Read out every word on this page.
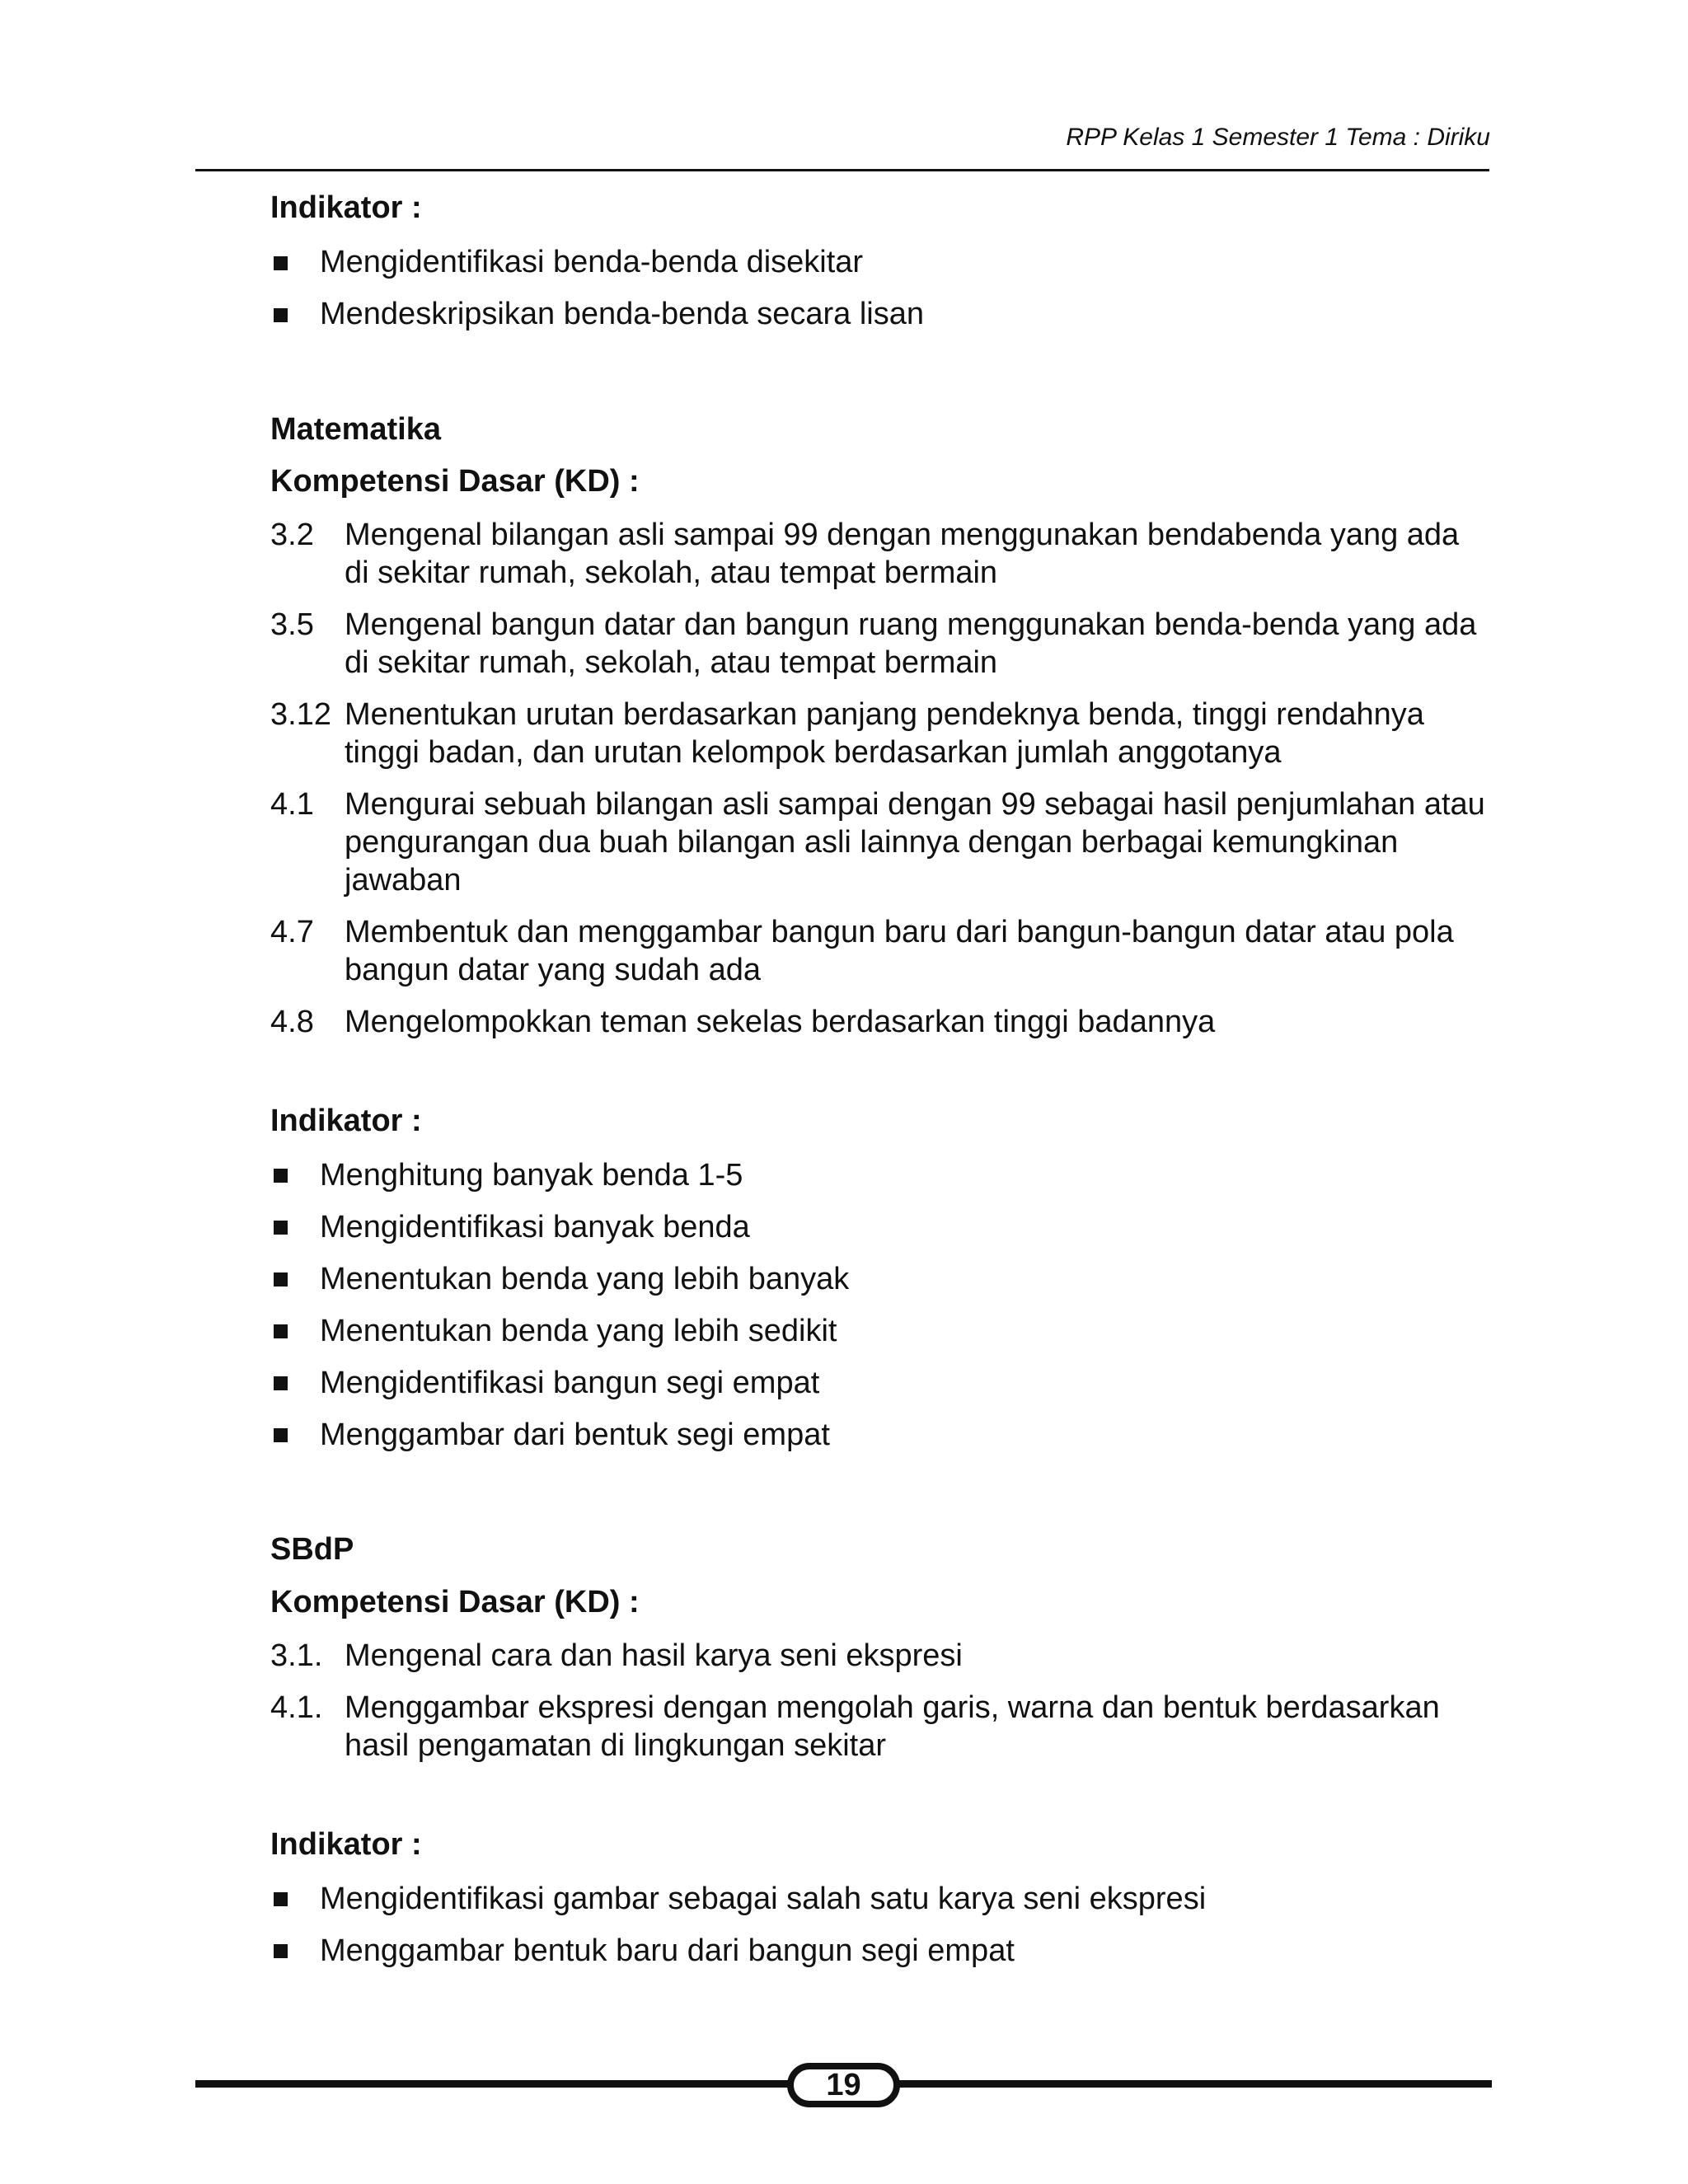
RPP Kelas 1 Semester 1 Tema : Diriku
Indikator :
Mengidentifikasi benda-benda disekitar
Mendeskripsikan benda-benda secara lisan
Matematika
Kompetensi Dasar (KD) :
3.2 Mengenal bilangan asli sampai 99 dengan menggunakan bendabenda yang ada di sekitar rumah, sekolah, atau tempat bermain
3.5 Mengenal bangun datar dan bangun ruang menggunakan benda-benda yang ada di sekitar rumah, sekolah, atau tempat bermain
3.12 Menentukan urutan berdasarkan panjang pendeknya benda, tinggi rendahnya tinggi badan, dan urutan kelompok berdasarkan jumlah anggotanya
4.1 Mengurai sebuah bilangan asli sampai dengan 99 sebagai hasil penjumlahan atau pengurangan dua buah bilangan asli lainnya dengan berbagai kemungkinan jawaban
4.7 Membentuk dan menggambar bangun baru dari bangun-bangun datar atau pola bangun datar yang sudah ada
4.8 Mengelompokkan teman sekelas berdasarkan tinggi badannya
Indikator :
Menghitung banyak benda 1-5
Mengidentifikasi banyak benda
Menentukan benda yang lebih banyak
Menentukan benda yang lebih sedikit
Mengidentifikasi bangun segi empat
Menggambar dari bentuk segi empat
SBdP
Kompetensi Dasar (KD) :
3.1. Mengenal cara dan hasil karya seni ekspresi
4.1. Menggambar ekspresi dengan mengolah garis, warna dan bentuk berdasarkan hasil pengamatan di lingkungan sekitar
Indikator :
Mengidentifikasi gambar sebagai salah satu karya seni ekspresi
Menggambar bentuk baru dari bangun segi empat
19
